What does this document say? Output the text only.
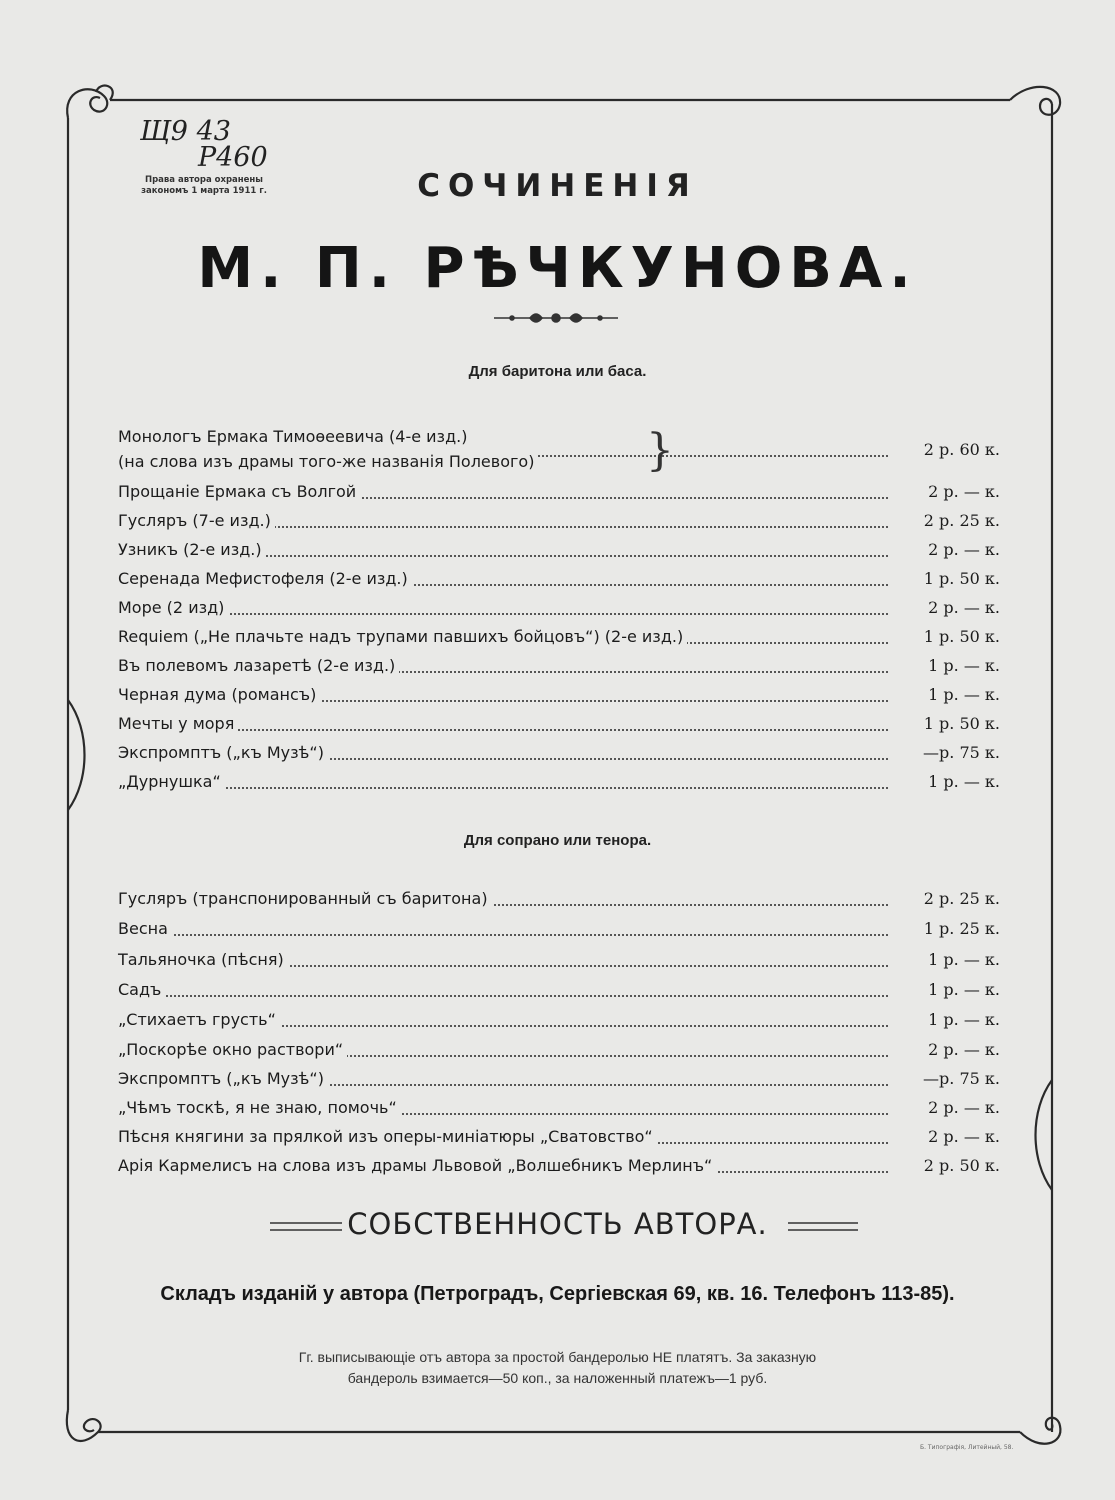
Щ9 43
Р460
Права автора охранены
закономъ 1 марта 1911 г.	СОЧИНЕНІЯ
М. П. РѢЧКУНОВА.
Для баритона или баса.
Монологъ Ермака Тимоѳеевича (4-е изд.)
(на слова изъ драмы того-же названія Полевого)	}	2 р. 60 к.
Прощаніе Ермака съ Волгой	2 р. — к.
Гусляръ (7-е изд.)	2 р. 25 к.
Узникъ (2-е изд.)	2 р. — к.
Серенада Мефистофеля (2-е изд.)	1 р. 50 к.
Море (2 изд)	2 р. — к.
Requiem („Не плачьте надъ трупами павшихъ бойцовъ“) (2-е изд.)	1 р. 50 к.
Въ полевомъ лазаретѣ (2-е изд.)	1 р. — к.
Черная дума (романсъ)	1 р. — к.
Мечты у моря	1 р. 50 к.
Экспромптъ („къ Музѣ“)	—р. 75 к.
„Дурнушка“	1 р. — к.
Для сопрано или тенора.
Гусляръ (транспонированный съ баритона)	2 р. 25 к.
Весна	1 р. 25 к.
Тальяночка (пѣсня)	1 р. — к.
Садъ	1 р. — к.
„Стихаетъ грусть“	1 р. — к.
„Поскорѣе окно раствори“	2 р. — к.
Экспромптъ („къ Музѣ“)	—р. 75 к.
„Чѣмъ тоскѣ, я не знаю, помочь“	2 р. — к.
Пѣсня княгини за прялкой изъ оперы-миніатюры „Сватовство“	2 р. — к.
Арія Кармелисъ на слова изъ драмы Львовой „Волшебникъ Мерлинъ“	2 р. 50 к.
СОБСТВЕННОСТЬ АВТОРА.
Складъ изданій у автора (Петроградъ, Сергіевская 69, кв. 16. Телефонъ 113-85).
Гг. выписывающіе отъ автора за простой бандеролью НЕ платятъ. За заказную
бандероль взимается—50 коп., за наложенный платежъ—1 руб.
Б. Типографія, Литейный, 58.
